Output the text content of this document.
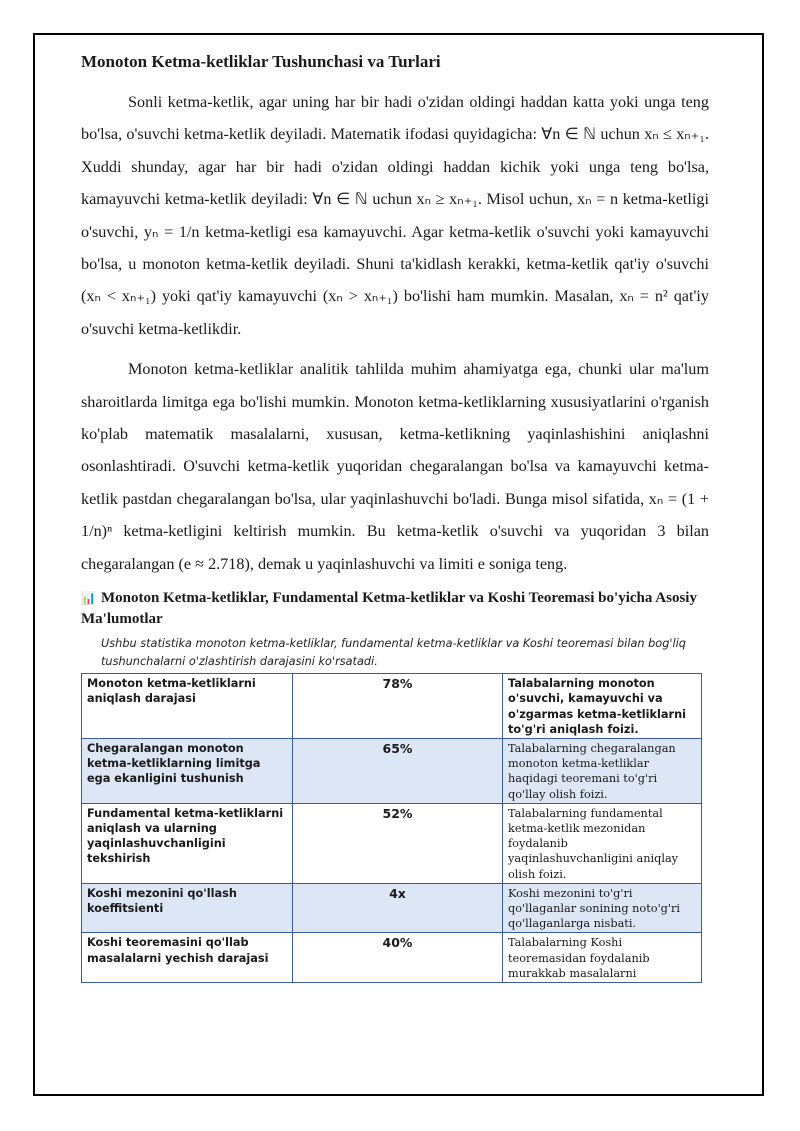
Monoton Ketma-ketliklar Tushunchasi va Turlari

Sonli ketma-ketlik, agar uning har bir hadi o'zidan oldingi haddan katta yoki unga teng bo'lsa, o'suvchi ketma-ketlik deyiladi. Matematik ifodasi quyidagicha: ∀n ∈ ℕ uchun xₙ ≤ xₙ₊₁. Xuddi shunday, agar har bir hadi o'zidan oldingi haddan kichik yoki unga teng bo'lsa, kamayuvchi ketma-ketlik deyiladi: ∀n ∈ ℕ uchun xₙ ≥ xₙ₊₁. Misol uchun, xₙ = n ketma-ketligi o'suvchi, yₙ = 1/n ketma-ketligi esa kamayuvchi. Agar ketma-ketlik o'suvchi yoki kamayuvchi bo'lsa, u monoton ketma-ketlik deyiladi. Shuni ta'kidlash kerakki, ketma-ketlik qat'iy o'suvchi (xₙ < xₙ₊₁) yoki qat'iy kamayuvchi (xₙ > xₙ₊₁) bo'lishi ham mumkin. Masalan, xₙ = n² qat'iy o'suvchi ketma-ketlikdir.

Monoton ketma-ketliklar analitik tahlilda muhim ahamiyatga ega, chunki ular ma'lum sharoitlarda limitga ega bo'lishi mumkin. Monoton ketma-ketliklarning xususiyatlarini o'rganish ko'plab matematik masalalarni, xususan, ketma-ketlikning yaqinlashishini aniqlashni osonlashtiradi. O'suvchi ketma-ketlik yuqoridan chegaralangan bo'lsa va kamayuvchi ketma-ketlik pastdan chegaralangan bo'lsa, ular yaqinlashuvchi bo'ladi. Bunga misol sifatida, xₙ = (1 + 1/n)ⁿ ketma-ketligini keltirish mumkin. Bu ketma-ketlik o'suvchi va yuqoridan 3 bilan chegaralangan (e ≈ 2.718), demak u yaqinlashuvchi va limiti e soniga teng.

📊 Monoton Ketma-ketliklar, Fundamental Ketma-ketliklar va Koshi Teoremasi bo'yicha Asosiy Ma'lumotlar
Ushbu statistika monoton ketma-ketliklar, fundamental ketma-ketliklar va Koshi teoremasi bilan bog'liq tushunchalarni o'zlashtirish darajasini ko'rsatadi.
Monoton ketma-ketliklarni aniqlash darajasi	78%	Talabalarning monoton o'suvchi, kamayuvchi va o'zgarmas ketma-ketliklarni to'g'ri aniqlash foizi.
Chegaralangan monoton ketma-ketliklarning limitga ega ekanligini tushunish	65%	Talabalarning chegaralangan monoton ketma-ketliklar haqidagi teoremani to'g'ri qo'llay olish foizi.
Fundamental ketma-ketliklarni aniqlash va ularning yaqinlashuvchanligini tekshirish	52%	Talabalarning fundamental ketma-ketlik mezonidan foydalanib yaqinlashuvchanligini aniqlay olish foizi.
Koshi mezonini qo'llash koeffitsienti	4x	Koshi mezonini to'g'ri qo'llaganlar sonining noto'g'ri qo'llaganlarga nisbati.
Koshi teoremasini qo'llab masalalarni yechish darajasi	40%	Talabalarning Koshi teoremasidan foydalanib murakkab masalalarni
